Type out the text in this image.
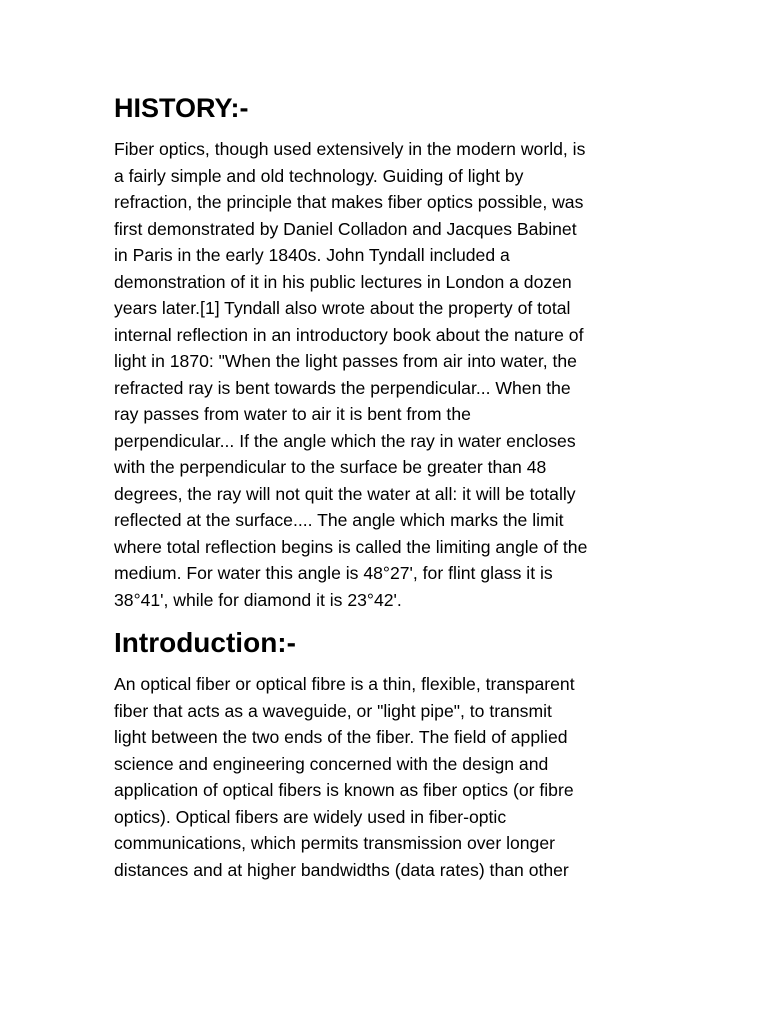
HISTORY:-

Fiber optics, though used extensively in the modern world, is
a fairly simple and old technology. Guiding of light by
refraction, the principle that makes fiber optics possible, was
first demonstrated by Daniel Colladon and Jacques Babinet
in Paris in the early 1840s. John Tyndall included a
demonstration of it in his public lectures in London a dozen
years later.[1] Tyndall also wrote about the property of total
internal reflection in an introductory book about the nature of
light in 1870: "When the light passes from air into water, the
refracted ray is bent towards the perpendicular... When the
ray passes from water to air it is bent from the
perpendicular... If the angle which the ray in water encloses
with the perpendicular to the surface be greater than 48
degrees, the ray will not quit the water at all: it will be totally
reflected at the surface.... The angle which marks the limit
where total reflection begins is called the limiting angle of the
medium. For water this angle is 48°27', for flint glass it is
38°41', while for diamond it is 23°42'.

Introduction:-

An optical fiber or optical fibre is a thin, flexible, transparent
fiber that acts as a waveguide, or "light pipe", to transmit
light between the two ends of the fiber. The field of applied
science and engineering concerned with the design and
application of optical fibers is known as fiber optics (or fibre
optics). Optical fibers are widely used in fiber-optic
communications, which permits transmission over longer
distances and at higher bandwidths (data rates) than other
